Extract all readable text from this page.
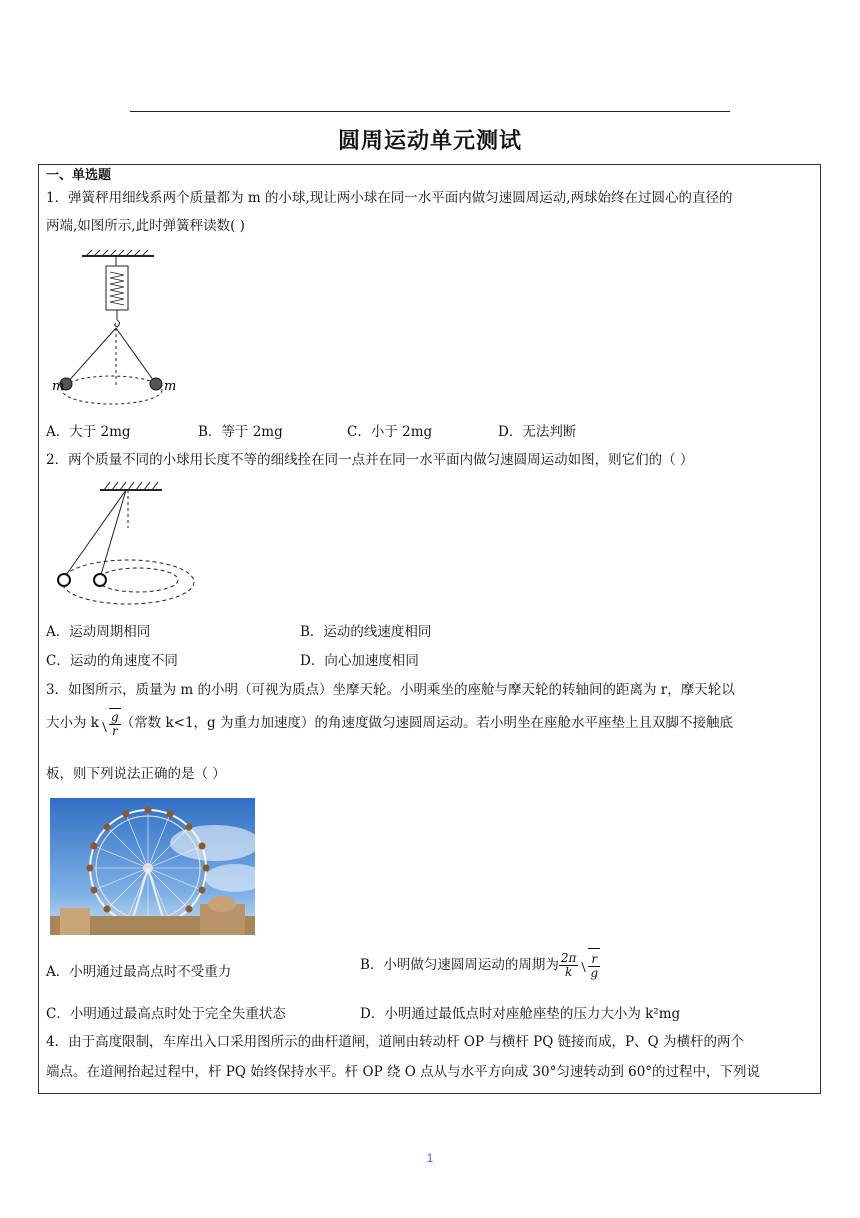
圆周运动单元测试
一、单选题
1．弹簧秤用细线系两个质量都为 m 的小球,现让两小球在同一水平面内做匀速圆周运动,两球始终在过圆心的直径的
两端,如图所示,此时弹簧秤读数( )
m	m
A．大于 2mg	B．等于 2mg	C．小于 2mg	D．无法判断
2．两个质量不同的小球用长度不等的细线拴在同一点并在同一水平面内做匀速圆周运动如图，则它们的（ ）
A．运动周期相同	B．运动的线速度相同
C．运动的角速度不同	D．向心加速度相同
3．如图所示，质量为 m 的小明（可视为质点）坐摩天轮。小明乘坐的座舱与摩天轮的转轴间的距离为 r，摩天轮以
大小为 k $\frac{g}{r}$ （常数 k<1，g 为重力加速度）的角速度做匀速圆周运动。若小明坐在座舱水平座垫上且双脚不接触底
板，则下列说法正确的是（ ）
A．小明通过最高点时不受重力	B．小明做匀速圆周运动的周期为 $\frac{2\pi}{k} \frac{r}{g}$
C．小明通过最高点时处于完全失重状态	D．小明通过最低点时对座舱座垫的压力大小为 k²mg
4．由于高度限制，车库出入口采用图所示的曲杆道闸，道闸由转动杆 OP 与横杆 PQ 链接而成，P、Q 为横杆的两个
端点。在道闸抬起过程中，杆 PQ 始终保持水平。杆 OP 绕 O 点从与水平方向成 30°匀速转动到 60°的过程中，下列说
1
